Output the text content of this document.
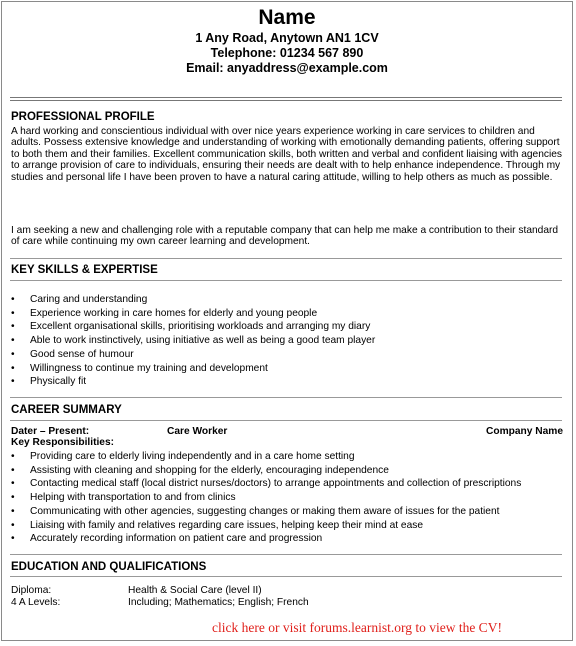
Name
1 Any Road, Anytown AN1 1CV
Telephone: 01234 567 890
Email: anyaddress@example.com
PROFESSIONAL PROFILE
A hard working and conscientious individual with over nice years experience working in care services to children and adults. Possess extensive knowledge and understanding of working with emotionally demanding patients, offering support to both them and their families. Excellent communication skills, both written and verbal and confident liaising with agencies to arrange provision of care to individuals, ensuring their needs are dealt with to help enhance independence. Through my studies and personal life I have been proven to have a natural caring attitude, willing to help others as much as possible.
I am seeking a new and challenging role with a reputable company that can help me make a contribution to their standard of care while continuing my own career learning and development.
KEY SKILLS & EXPERTISE
• Caring and understanding
• Experience working in care homes for elderly and young people
• Excellent organisational skills, prioritising workloads and arranging my diary
• Able to work instinctively, using initiative as well as being a good team player
• Good sense of humour
• Willingness to continue my training and development
• Physically fit
CAREER SUMMARY
Dater – Present:	Care Worker	Company Name
Key Responsibilities:
• Providing care to elderly living independently and in a care home setting
• Assisting with cleaning and shopping for the elderly, encouraging independence
• Contacting medical staff (local district nurses/doctors) to arrange appointments and collection of prescriptions
• Helping with transportation to and from clinics
• Communicating with other agencies, suggesting changes or making them aware of issues for the patient
• Liaising with family and relatives regarding care issues, helping keep their mind at ease
• Accurately recording information on patient care and progression
EDUCATION AND QUALIFICATIONS
Diploma:	Health & Social Care (level II)
4 A Levels:	Including; Mathematics; English; French
click here or visit forums.learnist.org to view the CV!
